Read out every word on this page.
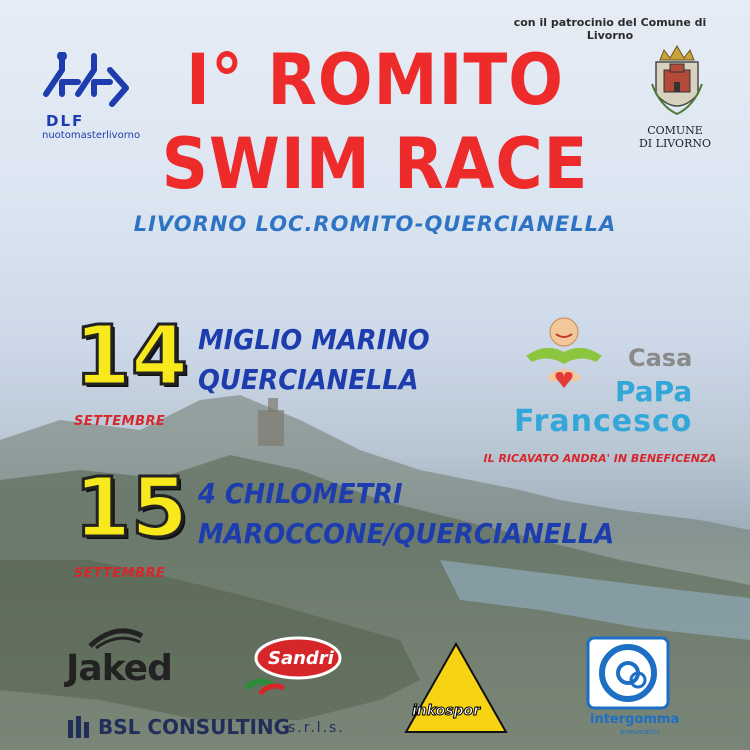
con il patrocinio del Comune di Livorno
DLF
nuotomasterlivorno
I° ROMITO
SWIM RACE
LIVORNO LOC.ROMITO-QUERCIANELLA
COMUNE
DI LIVORNO
14
SETTEMBRE
MIGLIO MARINO
QUERCIANELLA
15
SETTEMBRE
4 CHILOMETRI
MAROCCONE/QUERCIANELLA
Casa
PaPa
Francesco
IL RICAVATO ANDRA' IN BENEFICENZA
Jaked	Sandri
inkospor
intergomma
pneumatici
BSL CONSULTING
s.r.l.s.
